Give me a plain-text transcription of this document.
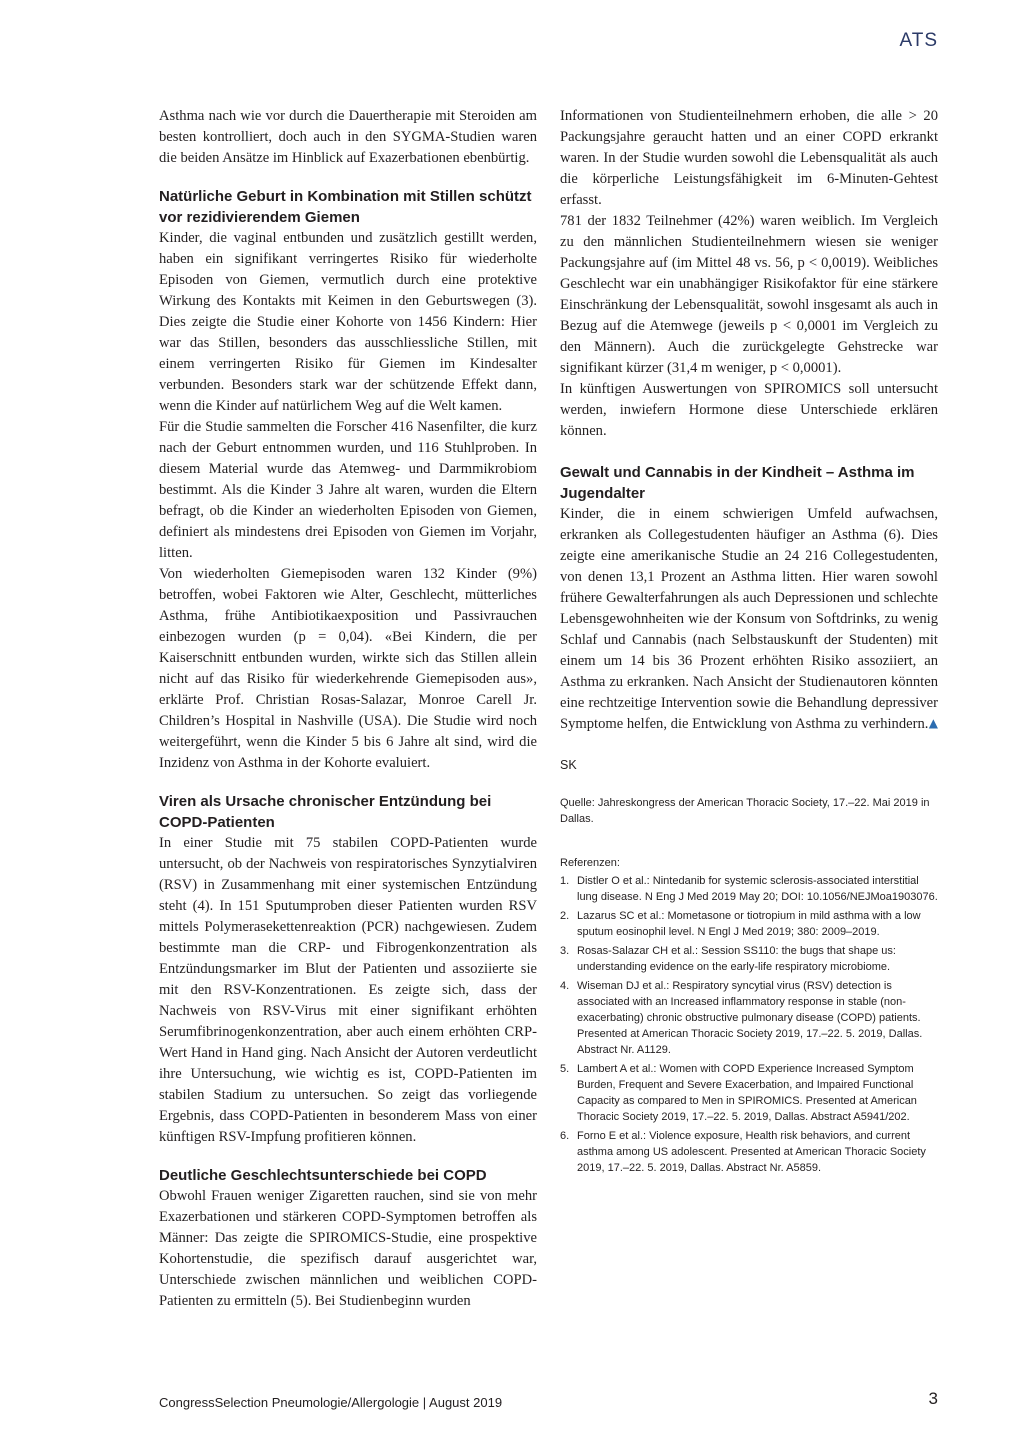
ATS

Asthma nach wie vor durch die Dauertherapie mit Steroiden am besten kontrolliert, doch auch in den SYGMA-Studien waren die beiden Ansätze im Hinblick auf Exazerbationen ebenbürtig.

Natürliche Geburt in Kombination mit Stillen schützt vor rezidivierendem Giemen

Kinder, die vaginal entbunden und zusätzlich gestillt werden, haben ein signifikant verringertes Risiko für wiederholte Episoden von Giemen, vermutlich durch eine protektive Wirkung des Kontakts mit Keimen in den Geburtswegen (3). Dies zeigte die Studie einer Kohorte von 1456 Kindern: Hier war das Stillen, besonders das ausschliessliche Stillen, mit einem verringerten Risiko für Giemen im Kindesalter verbunden. Besonders stark war der schützende Effekt dann, wenn die Kinder auf natürlichem Weg auf die Welt kamen.

Für die Studie sammelten die Forscher 416 Nasenfilter, die kurz nach der Geburt entnommen wurden, und 116 Stuhlproben. In diesem Material wurde das Atemweg- und Darmmikrobiom bestimmt. Als die Kinder 3 Jahre alt waren, wurden die Eltern befragt, ob die Kinder an wiederholten Episoden von Giemen, definiert als mindestens drei Episoden von Giemen im Vorjahr, litten.

Von wiederholten Giemepisoden waren 132 Kinder (9%) betroffen, wobei Faktoren wie Alter, Geschlecht, mütterliches Asthma, frühe Antibiotikaexposition und Passivrauchen einbezogen wurden (p = 0,04). «Bei Kindern, die per Kaiserschnitt entbunden wurden, wirkte sich das Stillen allein nicht auf das Risiko für wiederkehrende Giemepisoden aus», erklärte Prof. Christian Rosas-Salazar, Monroe Carell Jr. Children’s Hospital in Nashville (USA). Die Studie wird noch weitergeführt, wenn die Kinder 5 bis 6 Jahre alt sind, wird die Inzidenz von Asthma in der Kohorte evaluiert.

Viren als Ursache chronischer Entzündung bei COPD-Patienten

In einer Studie mit 75 stabilen COPD-Patienten wurde untersucht, ob der Nachweis von respiratorisches Synzytialviren (RSV) in Zusammenhang mit einer systemischen Entzündung steht (4). In 151 Sputumproben dieser Patienten wurden RSV mittels Polymerasekettenreaktion (PCR) nachgewiesen. Zudem bestimmte man die CRP- und Fibrogenkonzentration als Entzündungsmarker im Blut der Patienten und assoziierte sie mit den RSV-Konzentrationen. Es zeigte sich, dass der Nachweis von RSV-Virus mit einer signifikant erhöhten Serumfibrinogenkonzentration, aber auch einem erhöhten CRP-Wert Hand in Hand ging. Nach Ansicht der Autoren verdeutlicht ihre Untersuchung, wie wichtig es ist, COPD-Patienten im stabilen Stadium zu untersuchen. So zeigt das vorliegende Ergebnis, dass COPD-Patienten in besonderem Mass von einer künftigen RSV-Impfung profitieren können.

Deutliche Geschlechtsunterschiede bei COPD

Obwohl Frauen weniger Zigaretten rauchen, sind sie von mehr Exazerbationen und stärkeren COPD-Symptomen betroffen als Männer: Das zeigte die SPIROMICS-Studie, eine prospektive Kohortenstudie, die spezifisch darauf ausgerichtet war, Unterschiede zwischen männlichen und weiblichen COPD-Patienten zu ermitteln (5). Bei Studienbeginn wurden

Informationen von Studienteilnehmern erhoben, die alle > 20 Packungsjahre geraucht hatten und an einer COPD erkrankt waren. In der Studie wurden sowohl die Lebensqualität als auch die körperliche Leistungsfähigkeit im 6-Minuten-Gehtest erfasst.

781 der 1832 Teilnehmer (42%) waren weiblich. Im Vergleich zu den männlichen Studienteilnehmern wiesen sie weniger Packungsjahre auf (im Mittel 48 vs. 56, p < 0,0019). Weibliches Geschlecht war ein unabhängiger Risikofaktor für eine stärkere Einschränkung der Lebensqualität, sowohl insgesamt als auch in Bezug auf die Atemwege (jeweils p < 0,0001 im Vergleich zu den Männern). Auch die zurückgelegte Gehstrecke war signifikant kürzer (31,4 m weniger, p < 0,0001).

In künftigen Auswertungen von SPIROMICS soll untersucht werden, inwiefern Hormone diese Unterschiede erklären können.

Gewalt und Cannabis in der Kindheit – Asthma im Jugendalter

Kinder, die in einem schwierigen Umfeld aufwachsen, erkranken als Collegestudenten häufiger an Asthma (6). Dies zeigte eine amerikanische Studie an 24 216 Collegestudenten, von denen 13,1 Prozent an Asthma litten. Hier waren sowohl frühere Gewalterfahrungen als auch Depressionen und schlechte Lebensgewohnheiten wie der Konsum von Softdrinks, zu wenig Schlaf und Cannabis (nach Selbstauskunft der Studenten) mit einem um 14 bis 36 Prozent erhöhten Risiko assoziiert, an Asthma zu erkranken. Nach Ansicht der Studienautoren könnten eine rechtzeitige Intervention sowie die Behandlung depressiver Symptome helfen, die Entwicklung von Asthma zu verhindern. ▲
SK
Quelle: Jahreskongress der American Thoracic Society, 17.–22. Mai 2019 in Dallas.
Referenzen:
1. Distler O et al.: Nintedanib for systemic sclerosis-associated interstitial lung disease. N Eng J Med 2019 May 20; DOI: 10.1056/NEJMoa1903076.
2. Lazarus SC et al.: Mometasone or tiotropium in mild asthma with a low sputum eosinophil level. N Engl J Med 2019; 380: 2009–2019.
3. Rosas-Salazar CH et al.: Session SS110: the bugs that shape us: understanding evidence on the early-life respiratory microbiome.
4. Wiseman DJ et al.: Respiratory syncytial virus (RSV) detection is associated with an Increased inflammatory response in stable (non-exacerbating) chronic obstructive pulmonary disease (COPD) patients. Presented at American Thoracic Society 2019, 17.–22. 5. 2019, Dallas. Abstract Nr. A1129.
5. Lambert A et al.: Women with COPD Experience Increased Symptom Burden, Frequent and Severe Exacerbation, and Impaired Functional Capacity as compared to Men in SPIROMICS. Presented at American Thoracic Society 2019, 17.–22. 5. 2019, Dallas. Abstract A5941/202.
6. Forno E et al.: Violence exposure, Health risk behaviors, and current asthma among US adolescent. Presented at American Thoracic Society 2019, 17.–22. 5. 2019, Dallas. Abstract Nr. A5859.
CongressSelection Pneumologie/Allergologie | August 2019	3
